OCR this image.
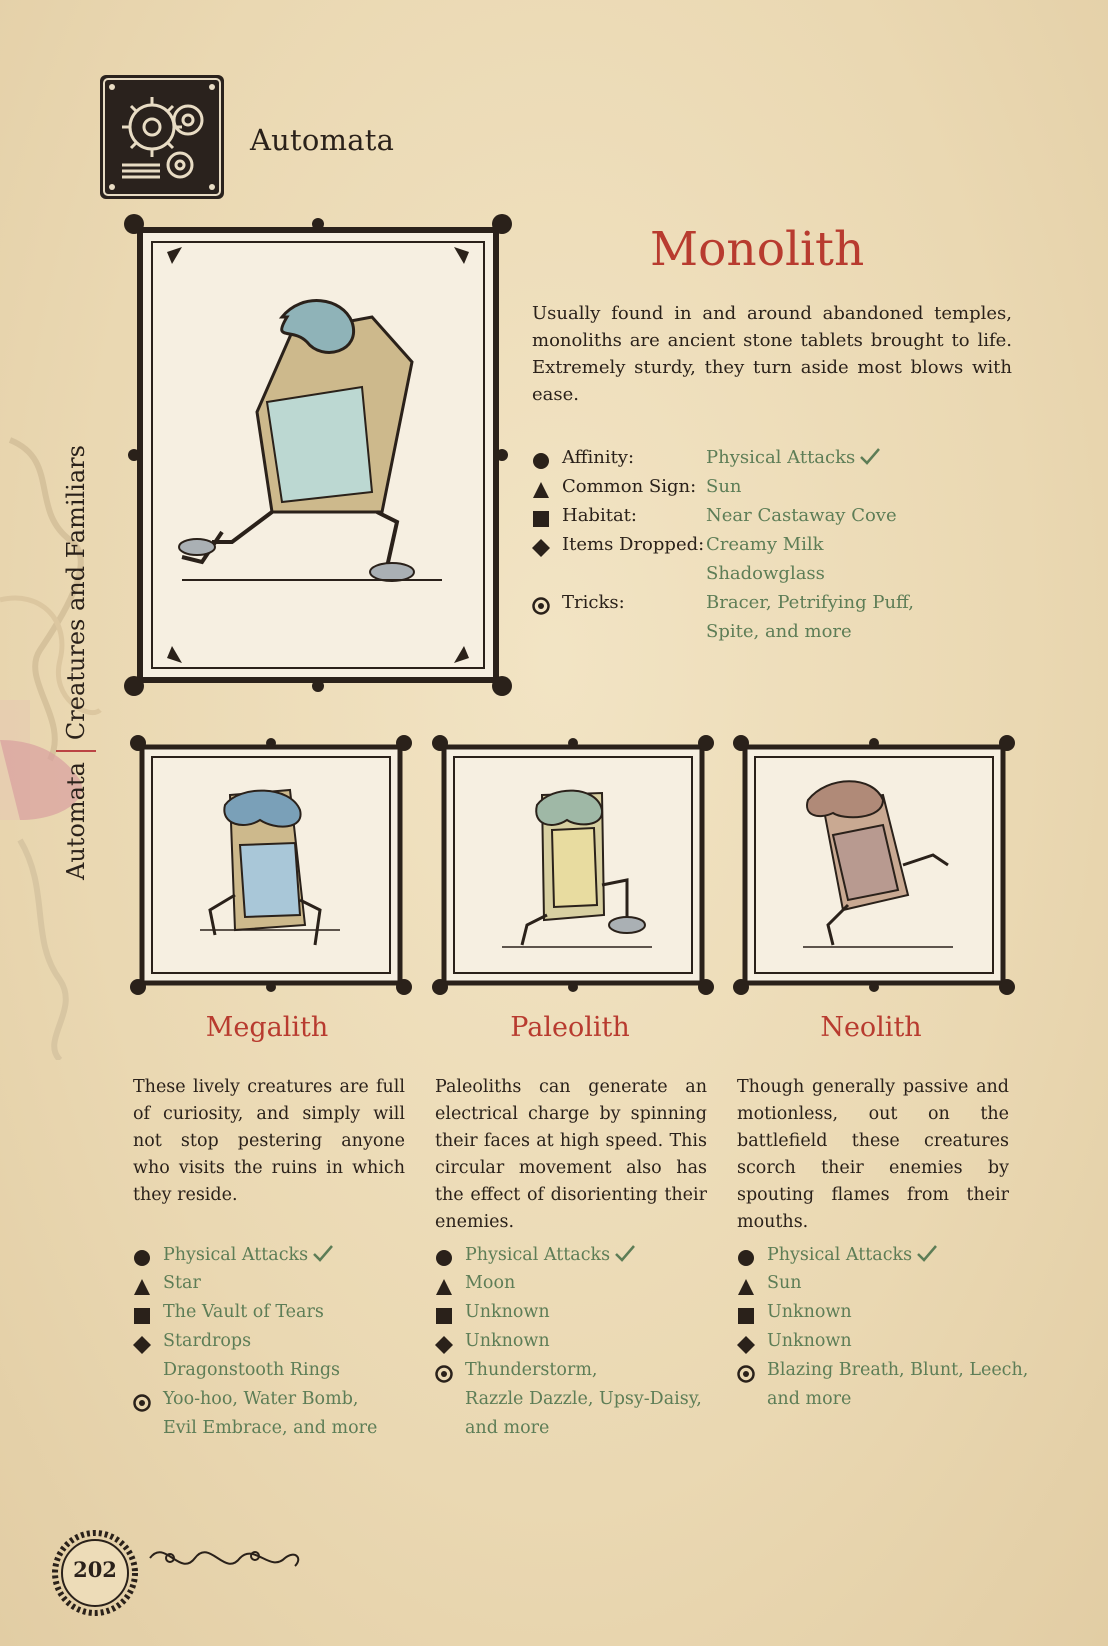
Automata
AutomataCreatures and Familiars
Monolith
Usually found in and around abandoned temples, monoliths are ancient stone tablets brought to life. Extremely sturdy, they turn aside most blows with ease.
Affinity:	Physical Attacks
Common Sign: Sun
Habitat:	Near Castaway Cove
Items Dropped: Creamy Milk
Shadowglass
Tricks:	Bracer, Petrifying Puff,
Spite, and more
Megalith	Paleolith	Neolith
These lively creatures are full of curiosity, and simply will not stop pestering anyone who visits the ruins in which they reside.
Paleoliths can generate an electrical charge by spinning their faces at high speed. This circular movement also has the effect of disorienting their enemies.
Though generally passive and motionless, out on the battlefield these creatures scorch their enemies by spouting flames from their mouths.
Physical Attacks
Star
The Vault of Tears
Stardrops
Dragonstooth Rings
Yoo-hoo, Water Bomb,
Evil Embrace, and more
Physical Attacks
Moon
Unknown
Unknown
Thunderstorm,
Razzle Dazzle, Upsy-Daisy,
and more
Physical Attacks
Sun
Unknown
Unknown
Blazing Breath, Blunt, Leech,
and more
202
